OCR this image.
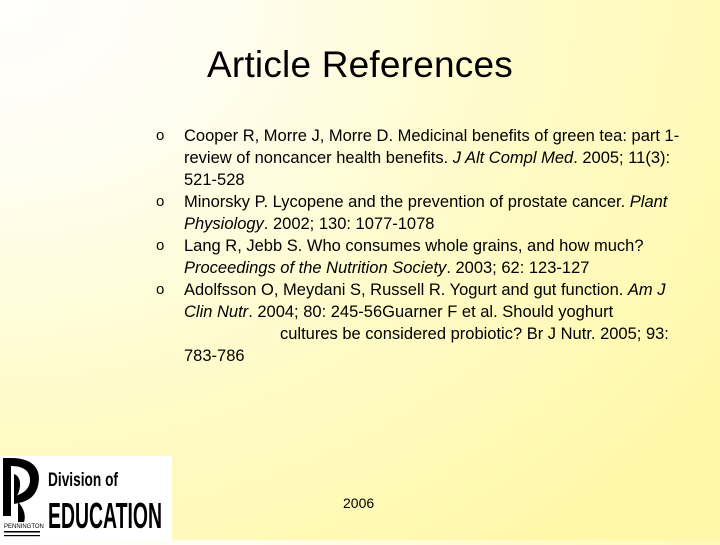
Article References
o Cooper R, Morre J, Morre D. Medicinal benefits of green tea: part 1- review of noncancer health benefits. J Alt Compl Med. 2005; 11(3): 521-528
o Minorsky P. Lycopene and the prevention of prostate cancer. Plant Physiology. 2002; 130: 1077-1078
o Lang R, Jebb S. Who consumes whole grains, and how much? Proceedings of the Nutrition Society. 2003; 62: 123-127
o Adolfsson O, Meydani S, Russell R. Yogurt and gut function. Am J Clin Nutr. 2004; 80: 245-56Guarner F et al. Should yoghurtcultures be considered probiotic? Br J Nutr. 2005; 93: 783-786
PENNINGTON
Division of
EDUCATION	2006
